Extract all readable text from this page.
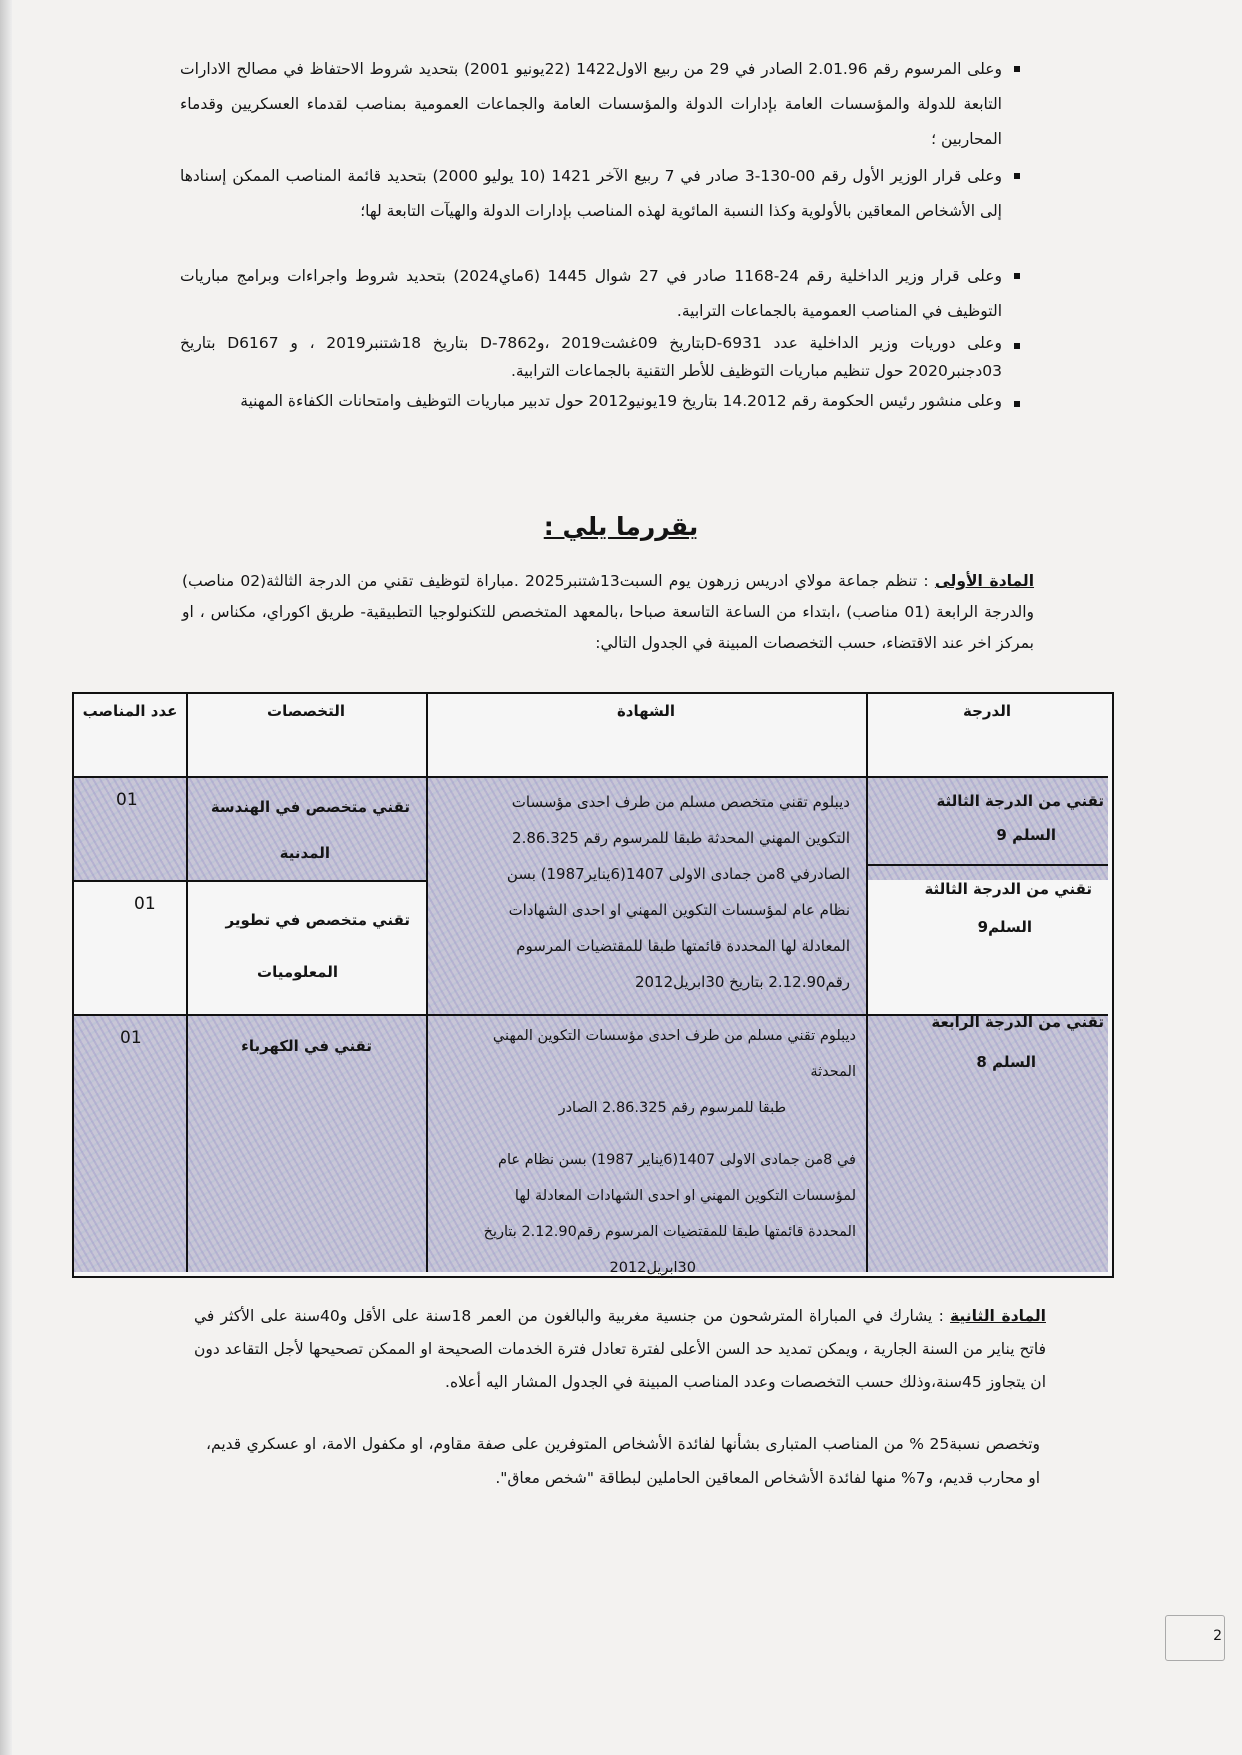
وعلى المرسوم رقم 2.01.96 الصادر في 29 من ربيع الاول1422 (22يونيو 2001) بتحديد شروط الاحتفاظ في مصالح الادارات التابعة للدولة والمؤسسات العامة بإدارات الدولة والمؤسسات العامة والجماعات العمومية بمناصب لقدماء العسكريين وقدماء المحاربين ؛
وعلى قرار الوزير الأول رقم 00-130-3 صادر في 7 ربيع الآخر 1421 (10 يوليو 2000) بتحديد قائمة المناصب الممكن إسنادها إلى الأشخاص المعاقين بالأولوية وكذا النسبة المائوية لهذه المناصب بإدارات الدولة والهيآت التابعة لها؛
وعلى قرار وزير الداخلية رقم 24-1168 صادر في 27 شوال 1445 (6ماي2024) بتحديد شروط واجراءات وبرامج مباريات التوظيف في المناصب العمومية بالجماعات الترابية.
وعلى دوريات وزير الداخلية عدد D-6931بتاريخ 09غشت2019 ،وD-7862 بتاريخ 18شتنبر2019 ، و D6167 بتاريخ 03دجنبر2020 حول تنظيم مباريات التوظيف للأطر التقنية بالجماعات الترابية.
وعلى منشور رئيس الحكومة رقم 14.2012 بتاريخ 19يونيو2012 حول تدبير مباريات التوظيف وامتحانات الكفاءة المهنية
يقررما يلي :
المادة الأولى : تنظم جماعة مولاي ادريس زرهون يوم السبت13شتنبر2025 .مباراة لتوظيف تقني من الدرجة الثالثة(02 مناصب) والدرجة الرابعة (01 مناصب) ،ابتداء من الساعة التاسعة صباحا ،بالمعهد المتخصص للتكنولوجيا التطبيقية- طريق اكوراي، مكناس ، او بمركز اخر عند الاقتضاء، حسب التخصصات المبينة في الجدول التالي:
الدرجة
الشهادة
التخصصات
عدد المناصب
تقني من الدرجة الثالثة
السلم 9
تقني متخصص في الهندسة
المدنية
01
تقني من الدرجة الثالثة
السلم9
تقني متخصص في تطوير
المعلوميات
01
ديبلوم تقني متخصص مسلم من طرف احدى مؤسسات
التكوين المهني المحدثة طبقا للمرسوم رقم 2.86.325
الصادرفي 8من جمادى الاولى 1407(6يناير1987) بسن
نظام عام لمؤسسات التكوين المهني او احدى الشهادات
المعادلة لها المحددة قائمتها طبقا للمقتضيات المرسوم
رقم2.12.90 بتاريخ 30ابريل2012
تقني من الدرجة الرابعة
السلم 8
تقني في الكهرباء
01	ديبلوم تقني مسلم من طرف احدى مؤسسات التكوين المهني المحدثة
طبقا للمرسوم رقم 2.86.325 الصادر
في 8من جمادى الاولى 1407(6يناير 1987) بسن نظام عام
لمؤسسات التكوين المهني او احدى الشهادات المعادلة لها
المحددة قائمتها طبقا للمقتضيات المرسوم رقم2.12.90 بتاريخ
30ابريل2012
المادة الثانية : يشارك في المباراة المترشحون من جنسية مغربية والبالغون من العمر 18سنة على الأقل و40سنة على الأكثر في فاتح يناير من السنة الجارية ، ويمكن تمديد حد السن الأعلى لفترة تعادل فترة الخدمات الصحيحة او الممكن تصحيحها لأجل التقاعد دون ان يتجاوز 45سنة،وذلك حسب التخصصات وعدد المناصب المبينة في الجدول المشار اليه أعلاه.
وتخصص نسبة25 % من المناصب المتبارى بشأنها لفائدة الأشخاص المتوفرين على صفة مقاوم، او مكفول الامة، او عسكري قديم، او محارب قديم، و7% منها لفائدة الأشخاص المعاقين الحاملين لبطاقة "شخص معاق".
2
